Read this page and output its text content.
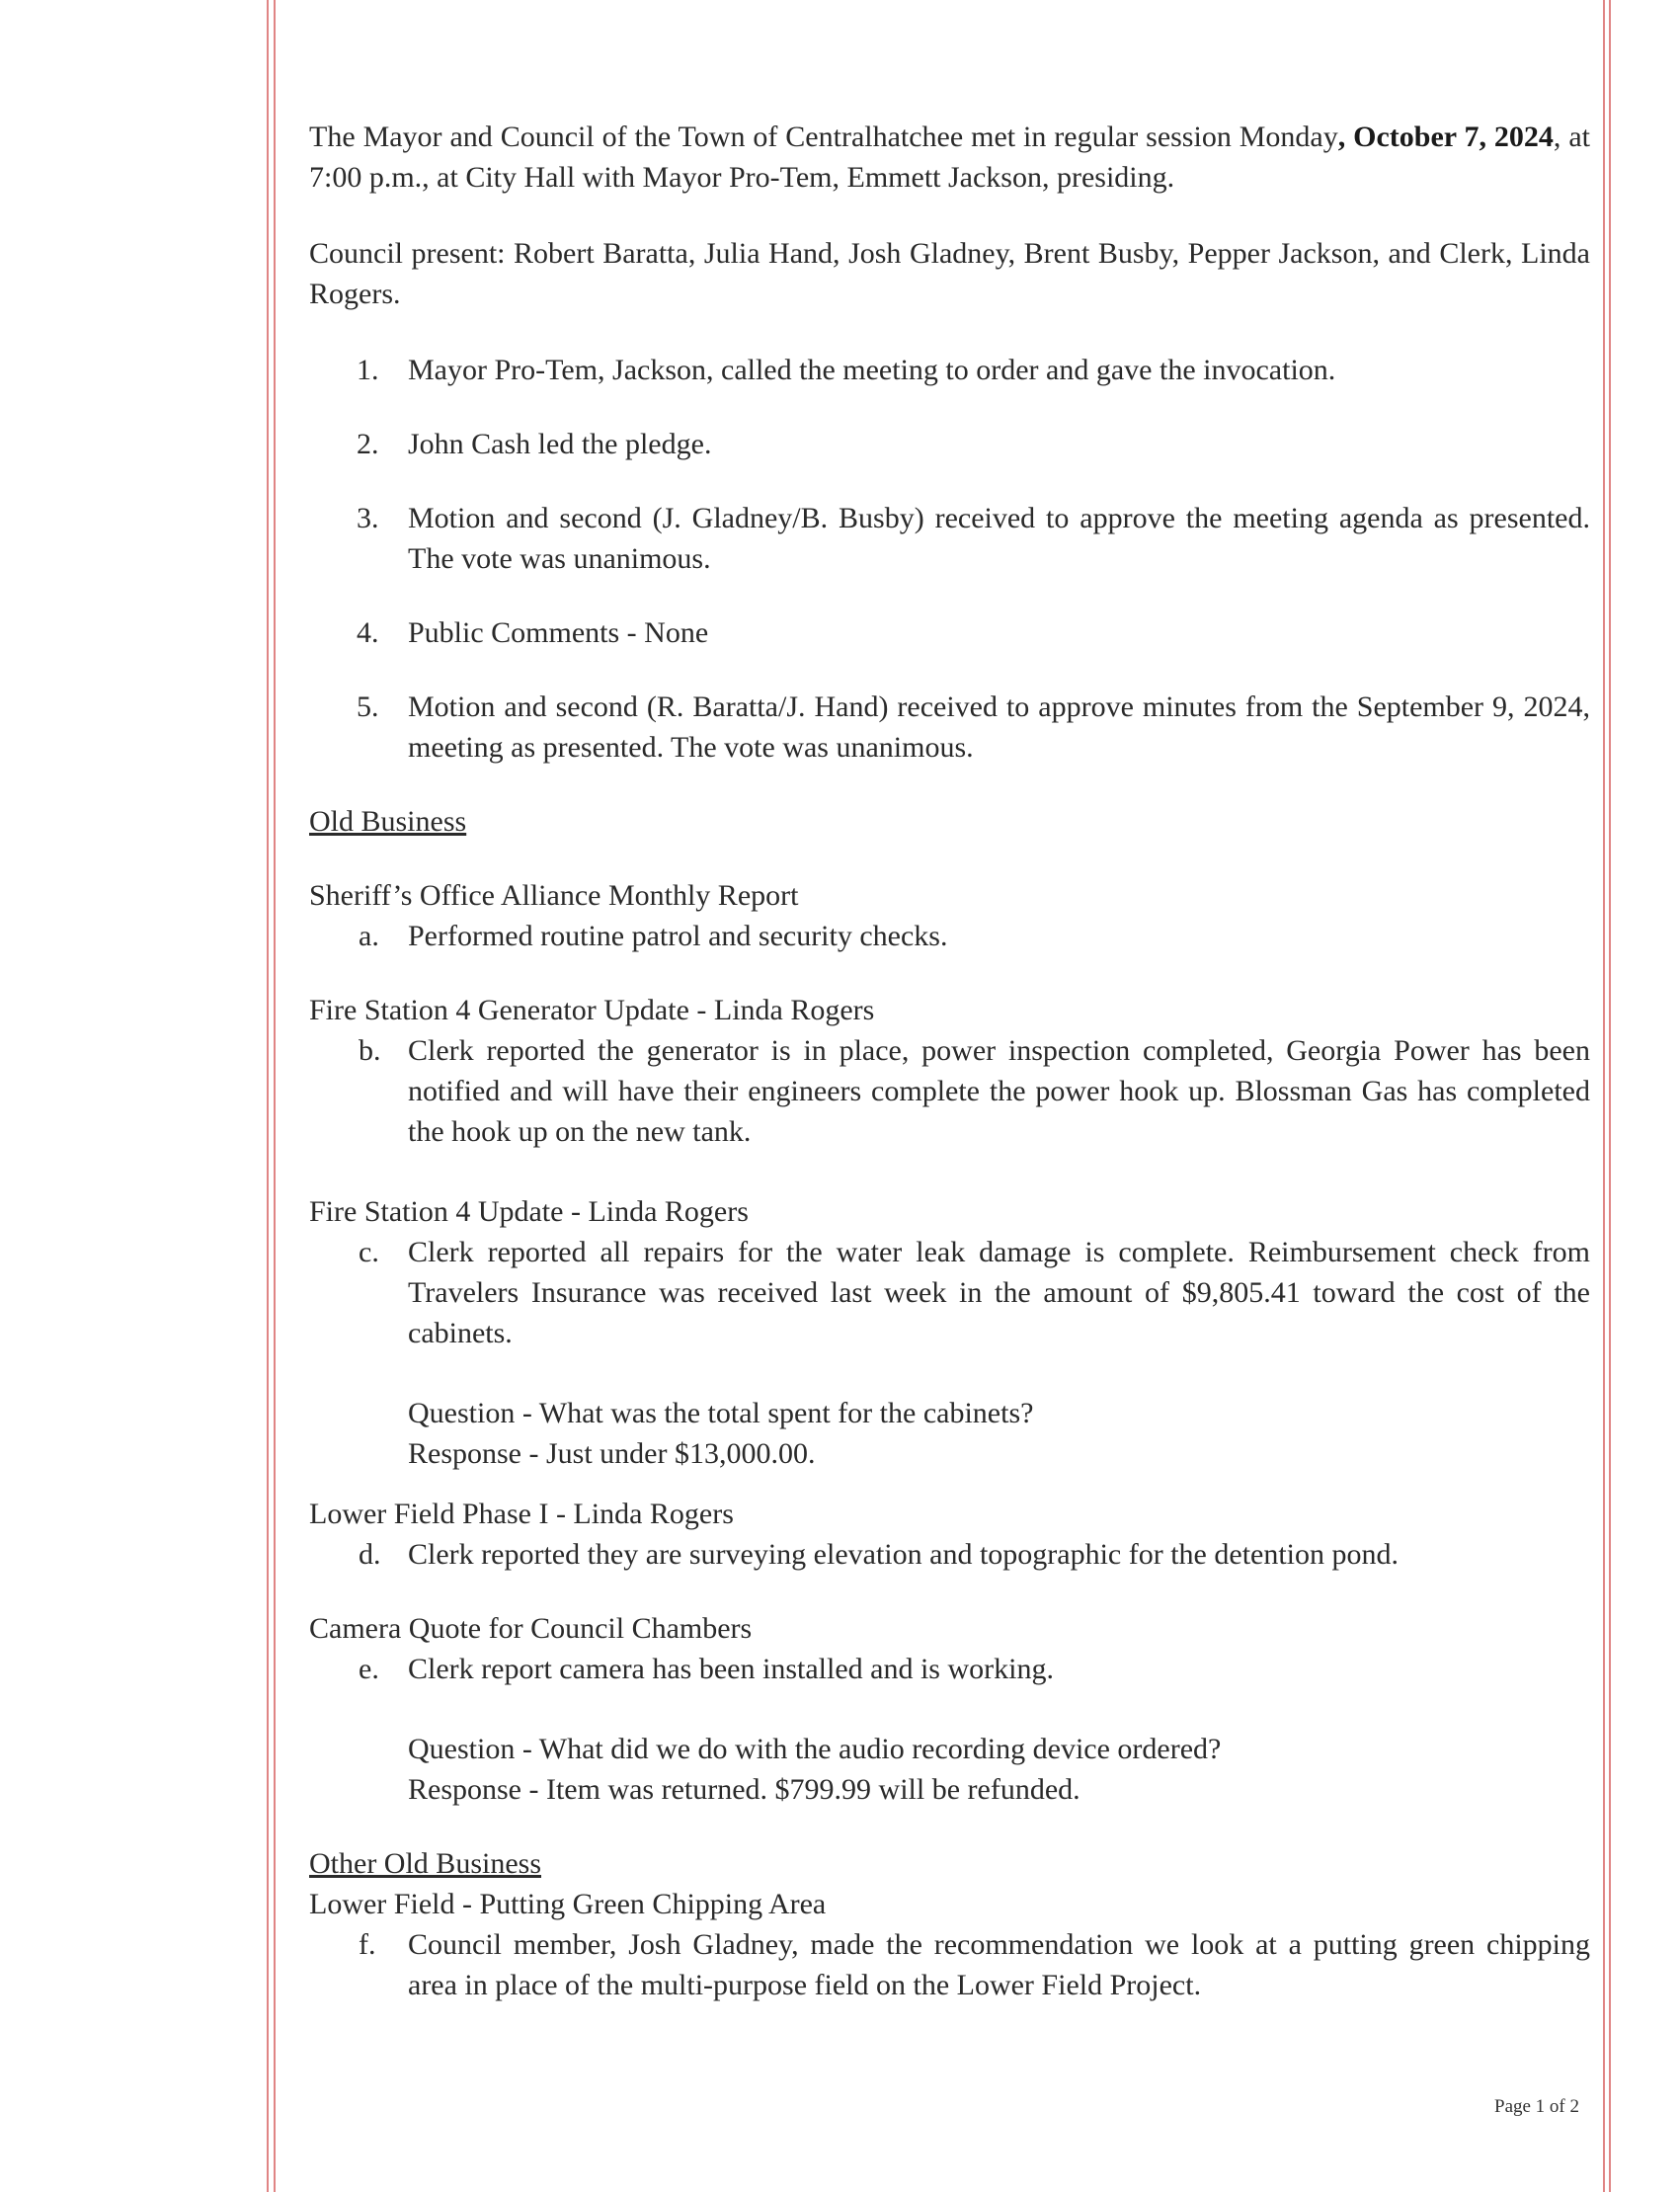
The Mayor and Council of the Town of Centralhatchee met in regular session Monday, October 7, 2024, at 7:00 p.m., at City Hall with Mayor Pro-Tem, Emmett Jackson, presiding.

Council present: Robert Baratta, Julia Hand, Josh Gladney, Brent Busby, Pepper Jackson, and Clerk, Linda Rogers.

1. Mayor Pro-Tem, Jackson, called the meeting to order and gave the invocation.
2. John Cash led the pledge.
3. Motion and second (J. Gladney/B. Busby) received to approve the meeting agenda as presented. The vote was unanimous.
4. Public Comments - None
5. Motion and second (R. Baratta/J. Hand) received to approve minutes from the September 9, 2024, meeting as presented. The vote was unanimous.

Old Business

Sheriff’s Office Alliance Monthly Report

a. Performed routine patrol and security checks.

Fire Station 4 Generator Update - Linda Rogers

b. Clerk reported the generator is in place, power inspection completed, Georgia Power has been notified and will have their engineers complete the power hook up. Blossman Gas has completed the hook up on the new tank.

Fire Station 4 Update - Linda Rogers

c. Clerk reported all repairs for the water leak damage is complete. Reimbursement check from Travelers Insurance was received last week in the amount of $9,805.41 toward the cost of the cabinets.

Question - What was the total spent for the cabinets?

Response - Just under $13,000.00.

Lower Field Phase I - Linda Rogers

d. Clerk reported they are surveying elevation and topographic for the detention pond.

Camera Quote for Council Chambers

e. Clerk report camera has been installed and is working.

Question - What did we do with the audio recording device ordered?

Response - Item was returned. $799.99 will be refunded.

Other Old Business

Lower Field - Putting Green Chipping Area

f. Council member, Josh Gladney, made the recommendation we look at a putting green chipping area in place of the multi-purpose field on the Lower Field Project.
Page 1 of 2
